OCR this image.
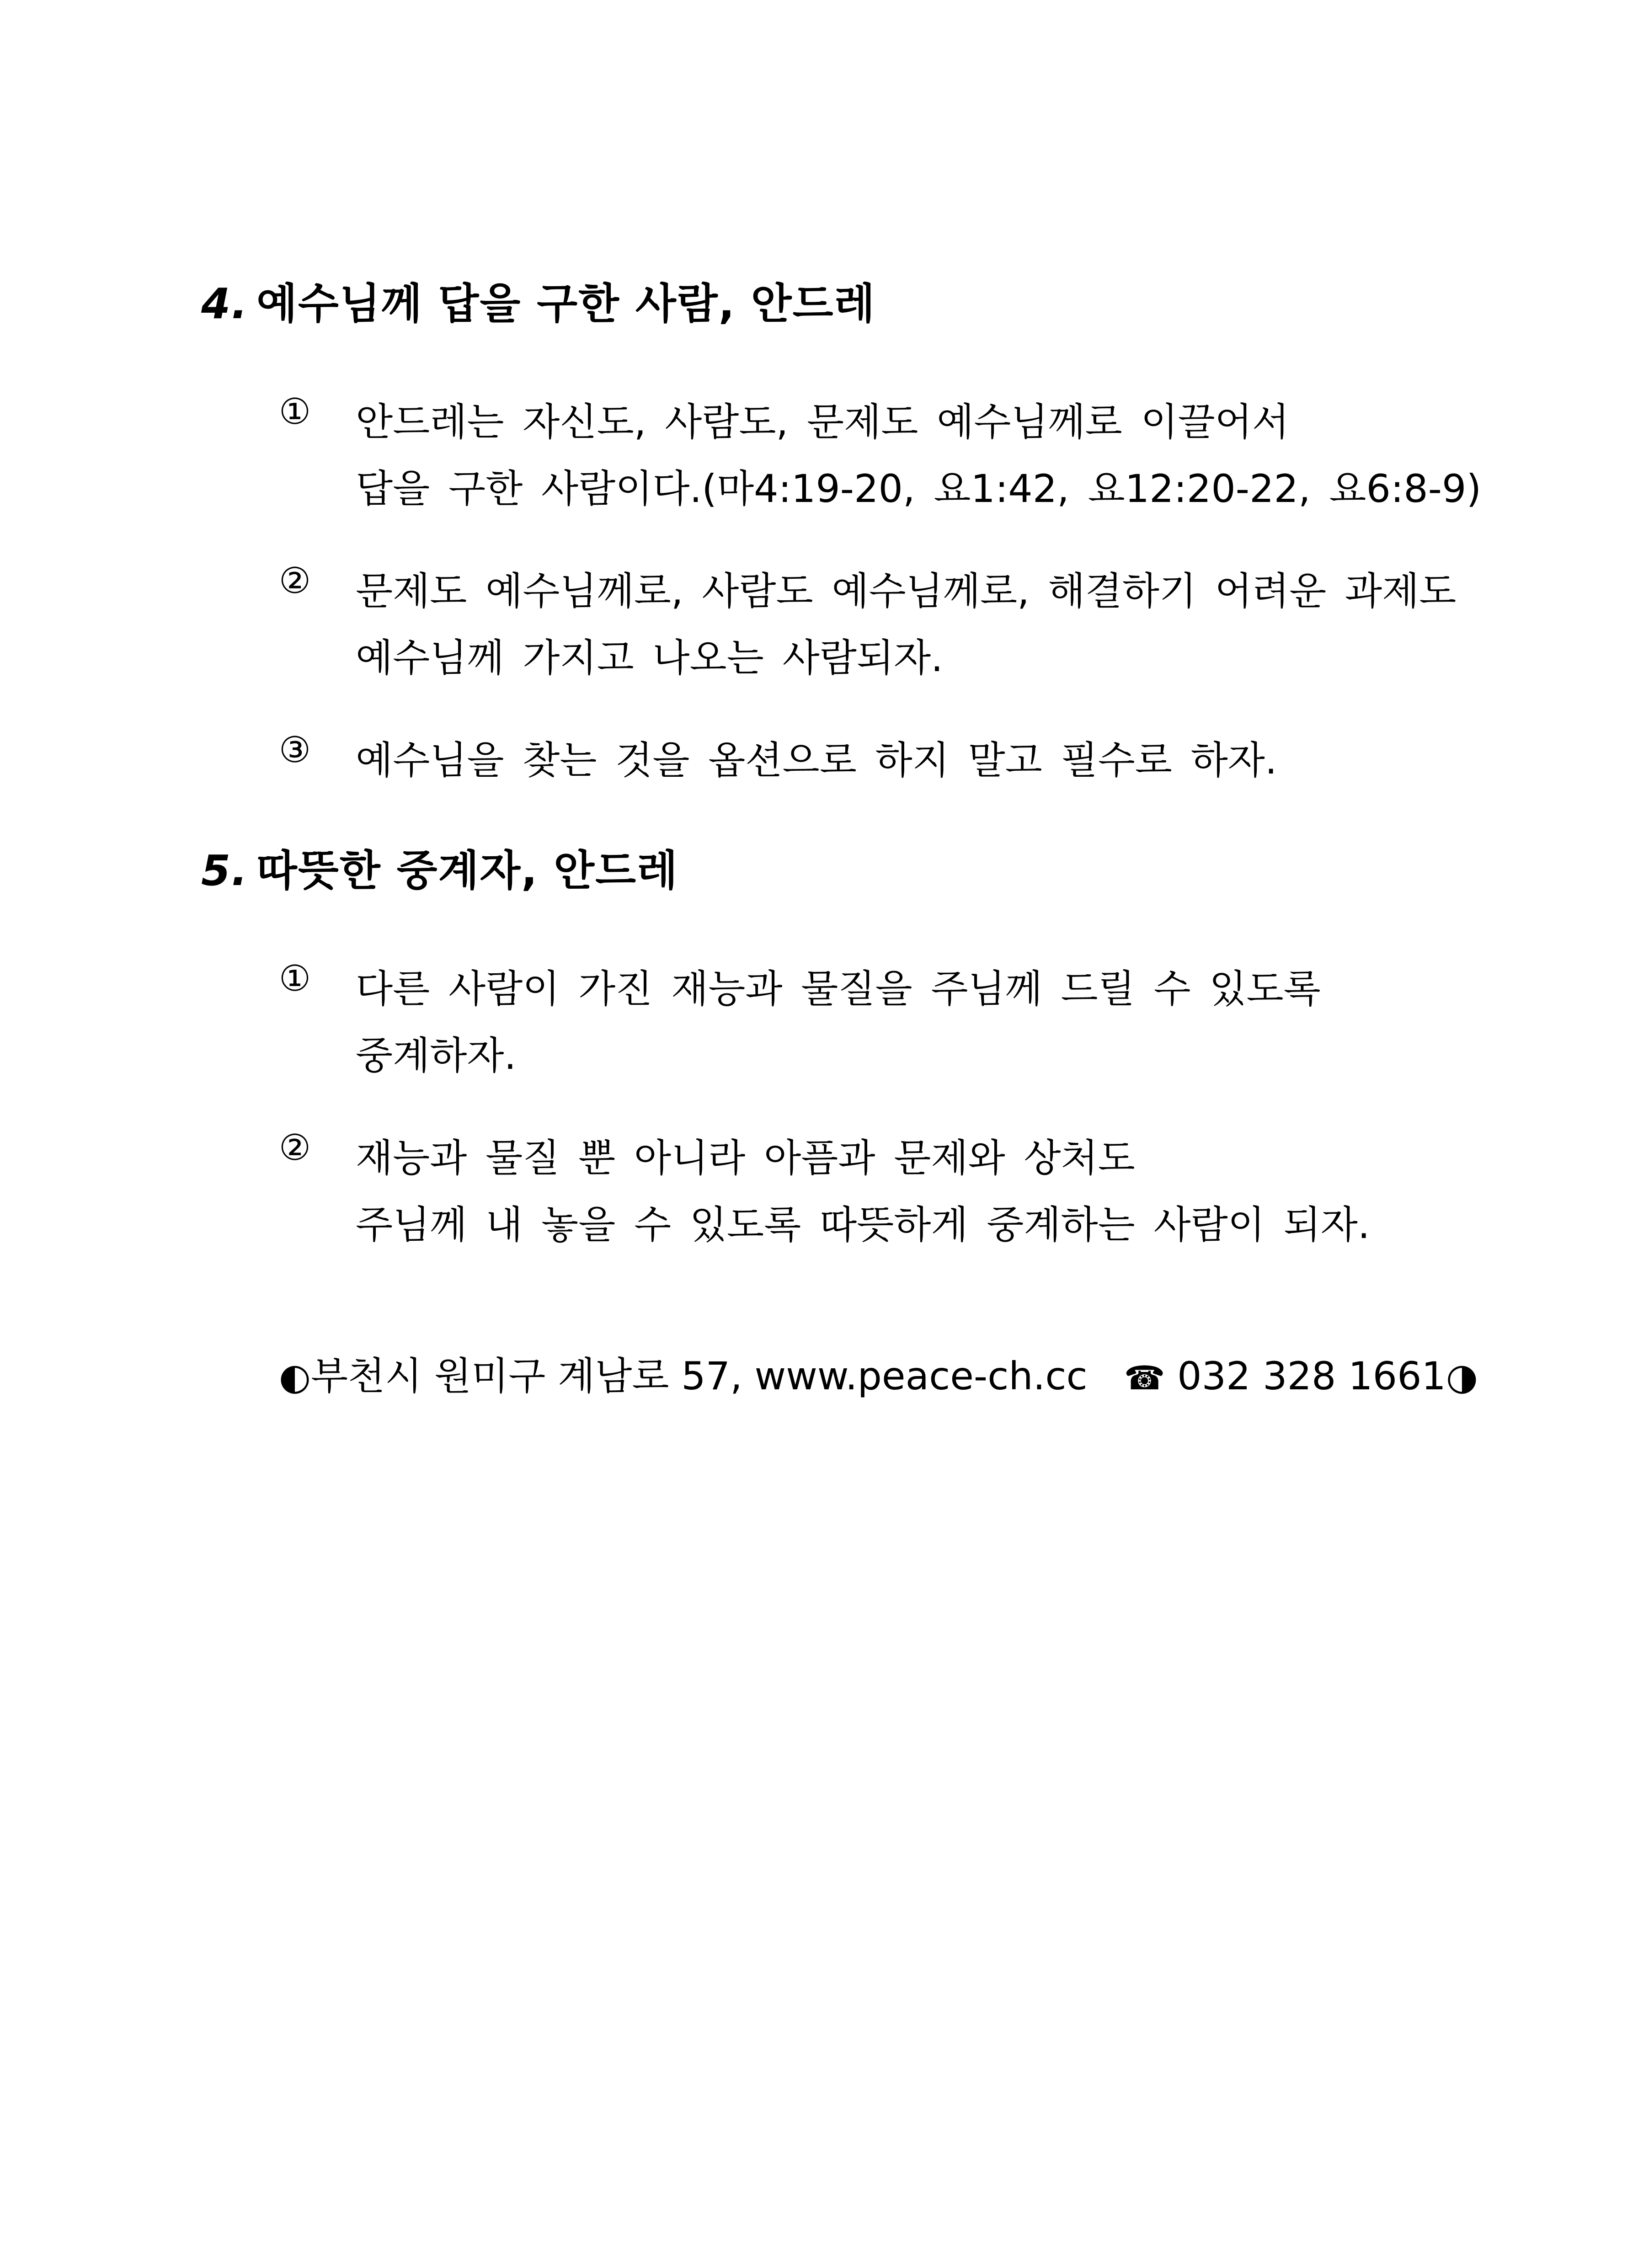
4. 예수님께 답을 구한 사람, 안드레
① 안드레는 자신도, 사람도, 문제도 예수님께로 이끌어서
답을 구한 사람이다.(마4:19-20, 요1:42, 요12:20-22, 요6:8-9)
② 문제도 예수님께로, 사람도 예수님께로, 해결하기 어려운 과제도
예수님께 가지고 나오는 사람되자.
③ 예수님을 찾는 것을 옵션으로 하지 말고 필수로 하자.
5. 따뜻한 중계자, 안드레
① 다른 사람이 가진 재능과 물질을 주님께 드릴 수 있도록
중계하자.
② 재능과 물질 뿐 아니라 아픔과 문제와 상처도
주님께 내 놓을 수 있도록 따뜻하게 중계하는 사람이 되자.
◐부천시 원미구 계남로 57, www.peace-ch.cc ☎ 032 328 1661◑
